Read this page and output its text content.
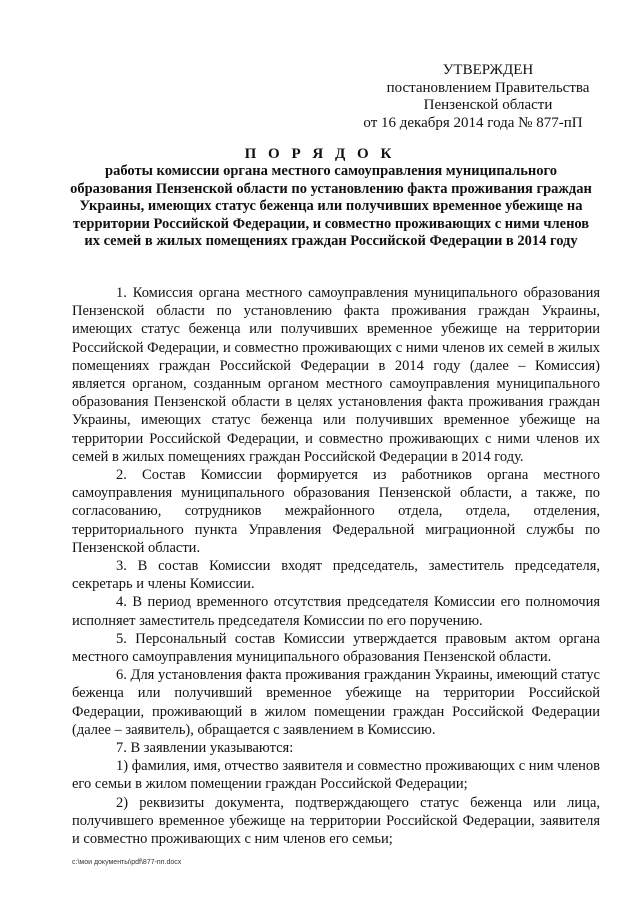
УТВЕРЖДЕН
постановлением Правительства
Пензенской области
от 16 декабря 2014 года № 877-пП
П О Р Я Д О К
работы комиссии органа местного самоуправления муниципального образования Пензенской области по установлению факта проживания граждан Украины, имеющих статус беженца или получивших временное убежище на территории Российской Федерации, и совместно проживающих с ними членов их семей в жилых помещениях граждан Российской Федерации в 2014 году

1. Комиссия органа местного самоуправления муниципального образования Пензенской области по установлению факта проживания граждан Украины, имеющих статус беженца или получивших временное убежище на территории Российской Федерации, и совместно проживающих с ними членов их семей в жилых помещениях граждан Российской Федерации в 2014 году (далее – Комиссия) является органом, созданным органом местного самоуправления муниципального образования Пензенской области в целях установления факта проживания граждан Украины, имеющих статус беженца или получивших временное убежище на территории Российской Федерации, и совместно проживающих с ними членов их семей в жилых помещениях граждан Российской Федерации в 2014 году.

2. Состав Комиссии формируется из работников органа местного самоуправления муниципального образования Пензенской области, а также, по согласованию, сотрудников межрайонного отдела, отдела, отделения, территориального пункта Управления Федеральной миграционной службы по Пензенской области.

3. В состав Комиссии входят председатель, заместитель председателя, секретарь и члены Комиссии.

4. В период временного отсутствия председателя Комиссии его полномочия исполняет заместитель председателя Комиссии по его поручению.

5. Персональный состав Комиссии утверждается правовым актом органа местного самоуправления муниципального образования Пензенской области.

6. Для установления факта проживания гражданин Украины, имеющий статус беженца или получивший временное убежище на территории Российской Федерации, проживающий в жилом помещении граждан Российской Федерации (далее – заявитель), обращается с заявлением в Комиссию.

7. В заявлении указываются:

1) фамилия, имя, отчество заявителя и совместно проживающих с ним членов его семьи в жилом помещении граждан Российской Федерации;

2) реквизиты документа, подтверждающего статус беженца или лица, получившего временное убежище на территории Российской Федерации, заявителя и совместно проживающих с ним членов его семьи;

c:\мои документы\pdf\877-пп.docx
